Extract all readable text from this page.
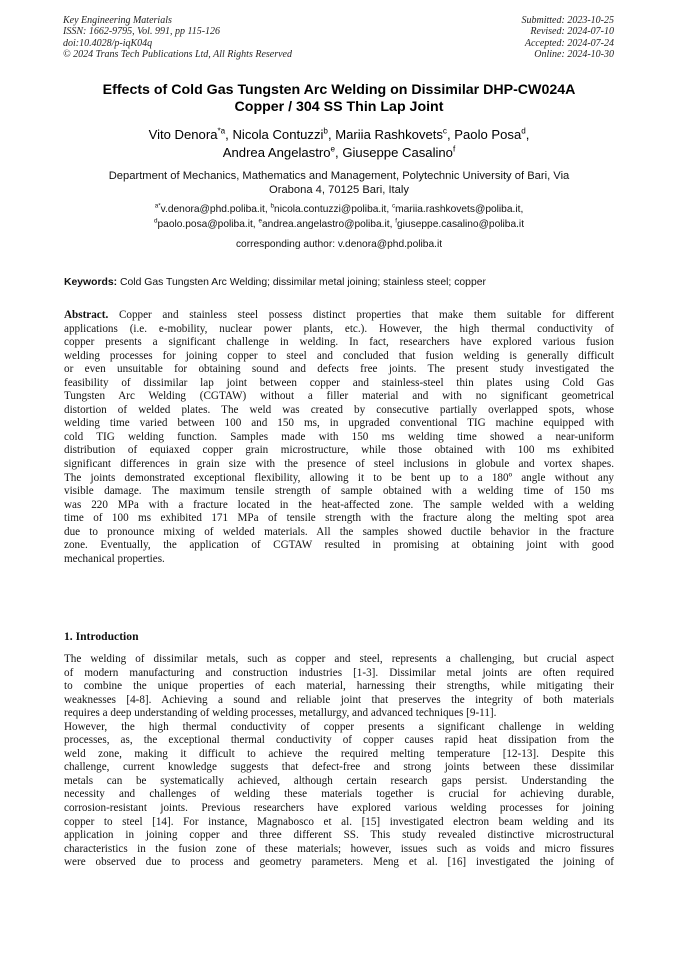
Key Engineering Materials
ISSN: 1662-9795, Vol. 991, pp 115-126
doi:10.4028/p-iqK04q
© 2024 Trans Tech Publications Ltd, All Rights Reserved
Submitted: 2023-10-25
Revised: 2024-07-10
Accepted: 2024-07-24
Online: 2024-10-30
Effects of Cold Gas Tungsten Arc Welding on Dissimilar DHP-CW024A
Copper / 304 SS Thin Lap Joint
Vito Denora$^{*a}$, Nicola Contuzzi$^b$, Mariia Rashkovets$^c$, Paolo Posa$^d$,
Andrea Angelastro$^e$, Giuseppe Casalino$^f$
Department of Mechanics, Mathematics and Management, Polytechnic University of Bari, Via
Orabona 4, 70125 Bari, Italy
$^{a*}$v.denora@phd.poliba.it, $^b$nicola.contuzzi@poliba.it, $^c$mariia.rashkovets@poliba.it,
$^d$paolo.posa@poliba.it, $^e$andrea.angelastro@poliba.it, $^f$giuseppe.casalino@poliba.it
corresponding author: v.denora@phd.poliba.it
Keywords: Cold Gas Tungsten Arc Welding; dissimilar metal joining; stainless steel; copper
Abstract. Copper and stainless steel possess distinct properties that make them suitable for different
applications (i.e. e-mobility, nuclear power plants, etc.). However, the high thermal conductivity of
copper presents a significant challenge in welding. In fact, researchers have explored various fusion
welding processes for joining copper to steel and concluded that fusion welding is generally difficult
or even unsuitable for obtaining sound and defects free joints. The present study investigated the
feasibility of dissimilar lap joint between copper and stainless-steel thin plates using Cold Gas
Tungsten Arc Welding (CGTAW) without a filler material and with no significant geometrical
distortion of welded plates. The weld was created by consecutive partially overlapped spots, whose
welding time varied between 100 and 150 ms, in upgraded conventional TIG machine equipped with
cold TIG welding function. Samples made with 150 ms welding time showed a near-uniform
distribution of equiaxed copper grain microstructure, while those obtained with 100 ms exhibited
significant differences in grain size with the presence of steel inclusions in globule and vortex shapes.
The joints demonstrated exceptional flexibility, allowing it to be bent up to a 180º angle without any
visible damage. The maximum tensile strength of sample obtained with a welding time of 150 ms
was 220 MPa with a fracture located in the heat-affected zone. The sample welded with a welding
time of 100 ms exhibited 171 MPa of tensile strength with the fracture along the melting spot area
due to pronounce mixing of welded materials. All the samples showed ductile behavior in the fracture
zone. Eventually, the application of CGTAW resulted in promising at obtaining joint with good
mechanical properties.
1. Introduction
The welding of dissimilar metals, such as copper and steel, represents a challenging, but crucial aspect
of modern manufacturing and construction industries [1-3]. Dissimilar metal joints are often required
to combine the unique properties of each material, harnessing their strengths, while mitigating their
weaknesses [4-8]. Achieving a sound and reliable joint that preserves the integrity of both materials
requires a deep understanding of welding processes, metallurgy, and advanced techniques [9-11].
However, the high thermal conductivity of copper presents a significant challenge in welding
processes, as, the exceptional thermal conductivity of copper causes rapid heat dissipation from the
weld zone, making it difficult to achieve the required melting temperature [12-13]. Despite this
challenge, current knowledge suggests that defect-free and strong joints between these dissimilar
metals can be systematically achieved, although certain research gaps persist. Understanding the
necessity and challenges of welding these materials together is crucial for achieving durable,
corrosion-resistant joints. Previous researchers have explored various welding processes for joining
copper to steel [14]. For instance, Magnabosco et al. [15] investigated electron beam welding and its
application in joining copper and three different SS. This study revealed distinctive microstructural
characteristics in the fusion zone of these materials; however, issues such as voids and micro fissures
were observed due to process and geometry parameters. Meng et al. [16] investigated the joining of
